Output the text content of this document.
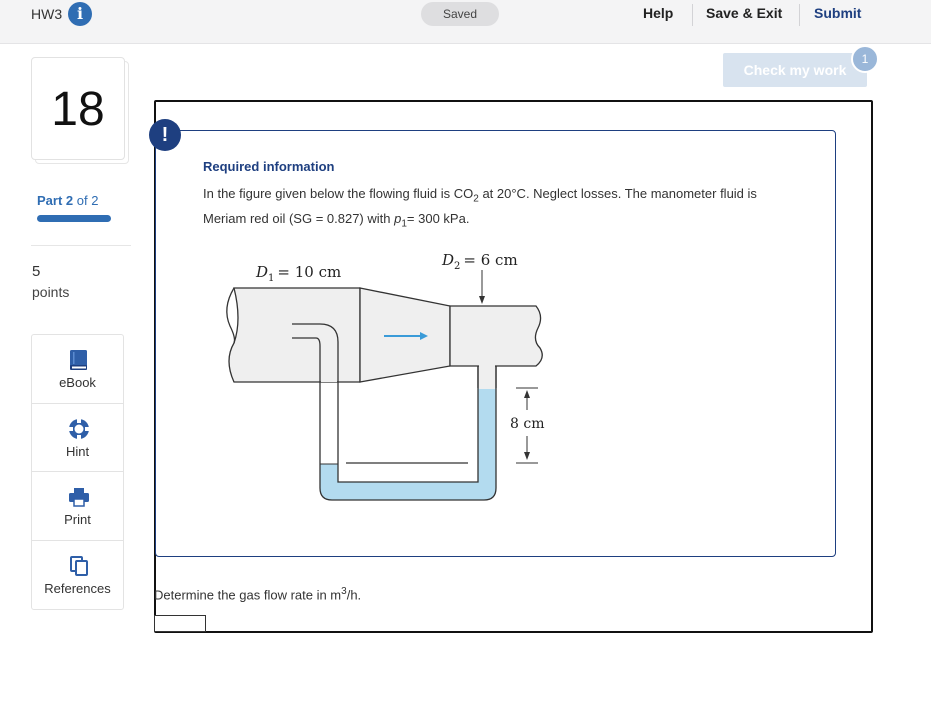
HW3 i	Saved	Help Save & Exit Submit
Check my work
1
18
Part 2 of 2
5
points
eBook
Hint
Print
References
!
Required information
In the figure given below the flowing fluid is $CO_2$ at 20°C. Neglect losses. The manometer fluid is
Meriam red oil (SG = 0.827) with $p_1= 300$ kPa.
$D_1 = 10$ cm
$D_2 = 6$ cm
8 cm
Determine the gas flow rate in $m^3/h$.
